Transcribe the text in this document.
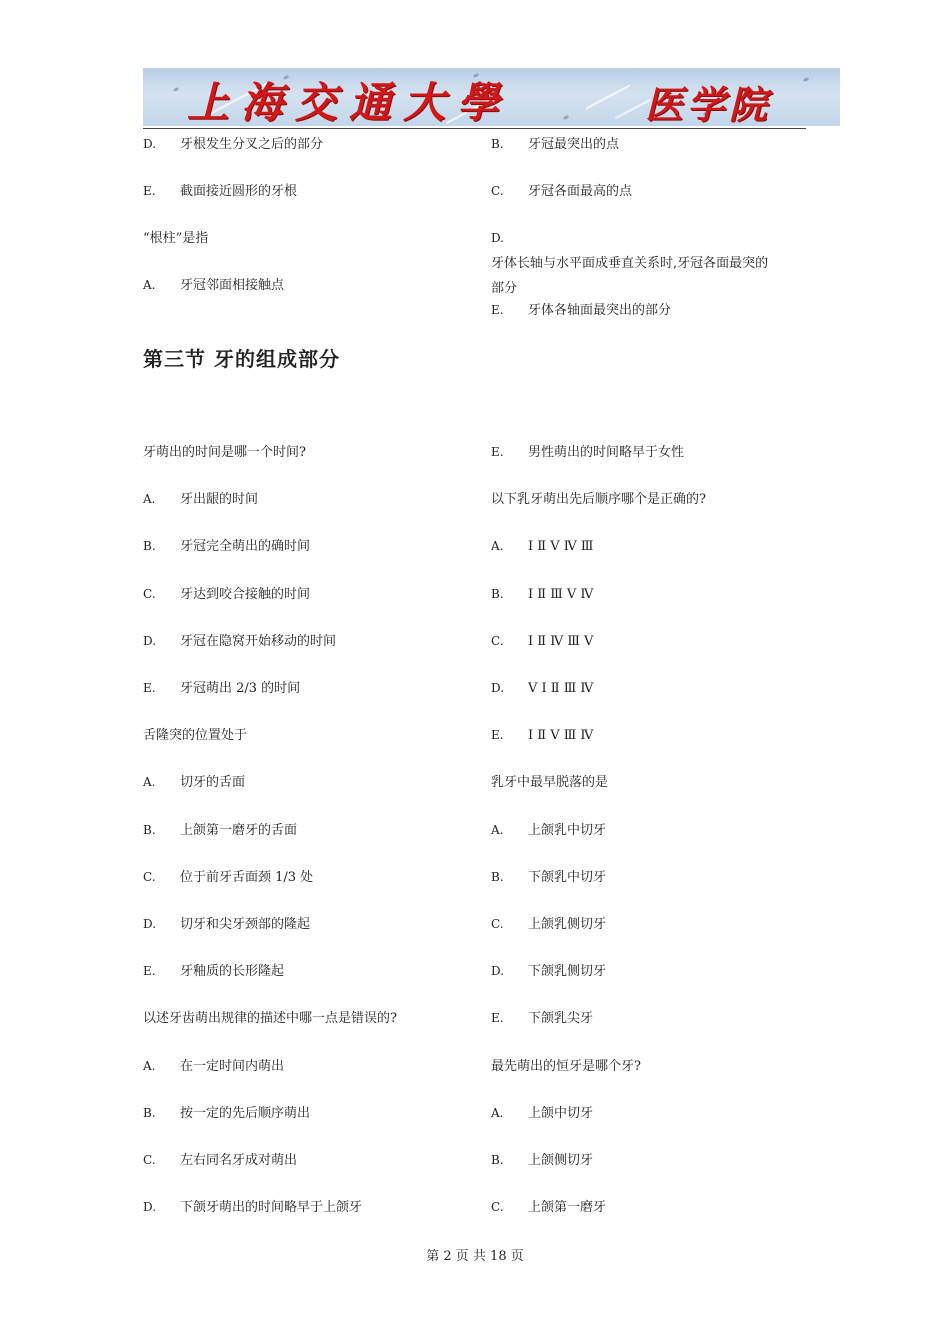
上海交通大學	医学院
D. 牙根发生分叉之后的部分
E. 截面接近圆形的牙根
“根柱”是指
A. 牙冠邻面相接触点
B. 牙冠最突出的点
C. 牙冠各面最高的点
D.牙体长轴与水平面成垂直关系时,牙冠各面最突的部分
E. 牙体各轴面最突出的部分
第三节 牙的组成部分
牙萌出的时间是哪一个时间?
A. 牙出龈的时间
B. 牙冠完全萌出的确时间
C. 牙达到咬合接触的时间
D. 牙冠在隐窝开始移动的时间
E. 牙冠萌出 2/3 的时间
舌隆突的位置处于
A. 切牙的舌面
B. 上颌第一磨牙的舌面
C. 位于前牙舌面颈 1/3 处
D. 切牙和尖牙颈部的隆起
E. 牙釉质的长形隆起
以述牙齿萌出规律的描述中哪一点是错误的?
A. 在一定时间内萌出
B. 按一定的先后顺序萌出
C. 左右同名牙成对萌出
D. 下颌牙萌出的时间略早于上颌牙
E. 男性萌出的时间略早于女性
以下乳牙萌出先后顺序哪个是正确的?
A. Ⅰ Ⅱ Ⅴ Ⅳ Ⅲ
B. Ⅰ Ⅱ Ⅲ Ⅴ Ⅳ
C. Ⅰ Ⅱ Ⅳ Ⅲ Ⅴ
D. Ⅴ Ⅰ Ⅱ Ⅲ Ⅳ
E. Ⅰ Ⅱ Ⅴ Ⅲ Ⅳ
乳牙中最早脱落的是
A. 上颌乳中切牙
B. 下颌乳中切牙
C. 上颌乳侧切牙
D. 下颌乳侧切牙
E. 下颌乳尖牙
最先萌出的恒牙是哪个牙?
A. 上颌中切牙
B. 上颌侧切牙
C. 上颌第一磨牙
第 2 页 共 18 页
